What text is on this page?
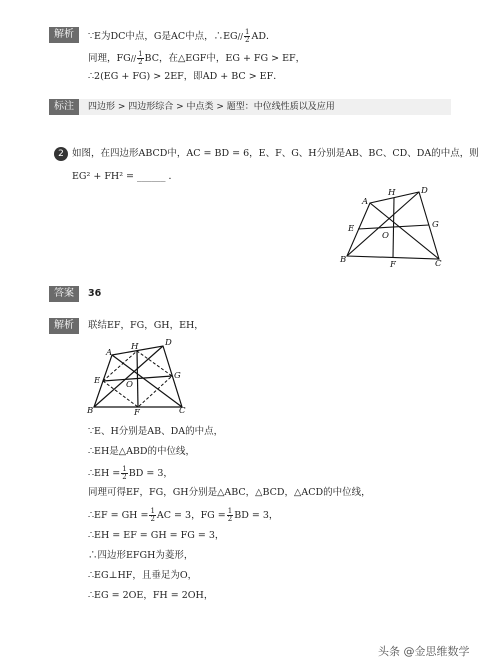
解析	∵E为DC中点，G是AC中点，∴EG// $\frac{1}{2}$ AD．
同理，$FG// \frac{1}{2}$ BC，在△EGF中，EG + FG > EF，
∴2(EG + FG) > 2EF，即AD + BC > EF．
标注	四边形 > 四边形综合 > 中点类 > 题型：中位线性质以及应用
2 如图，在四边形ABCD中，AC = BD = 6，E、F、G、H分别是AB、BC、CD、DA的中点，则
EG² + FH² = ______ ．
A
H	D
E
O
G
B	F	C
答案	36
解析	联结EF，FG，GH，EH，
A
H	D
E	O
G
B	F	C
∵E、H分别是AB、DA的中点，
∴EH是△ABD的中位线，
∴EH = $\frac{1}{2}$ BD = 3，
同理可得EF，FG，GH分别是△ABC，△BCD，△ACD的中位线，
∴EF = GH = $\frac{1}{2}$ AC = 3，FG = $\frac{1}{2}$ BD = 3，
∴EH = EF = GH = FG = 3，
∴四边形EFGH为菱形，
∴EG⊥HF，且垂足为O，
∴EG = 2OE，FH = 2OH，
头条 @金思维数学
